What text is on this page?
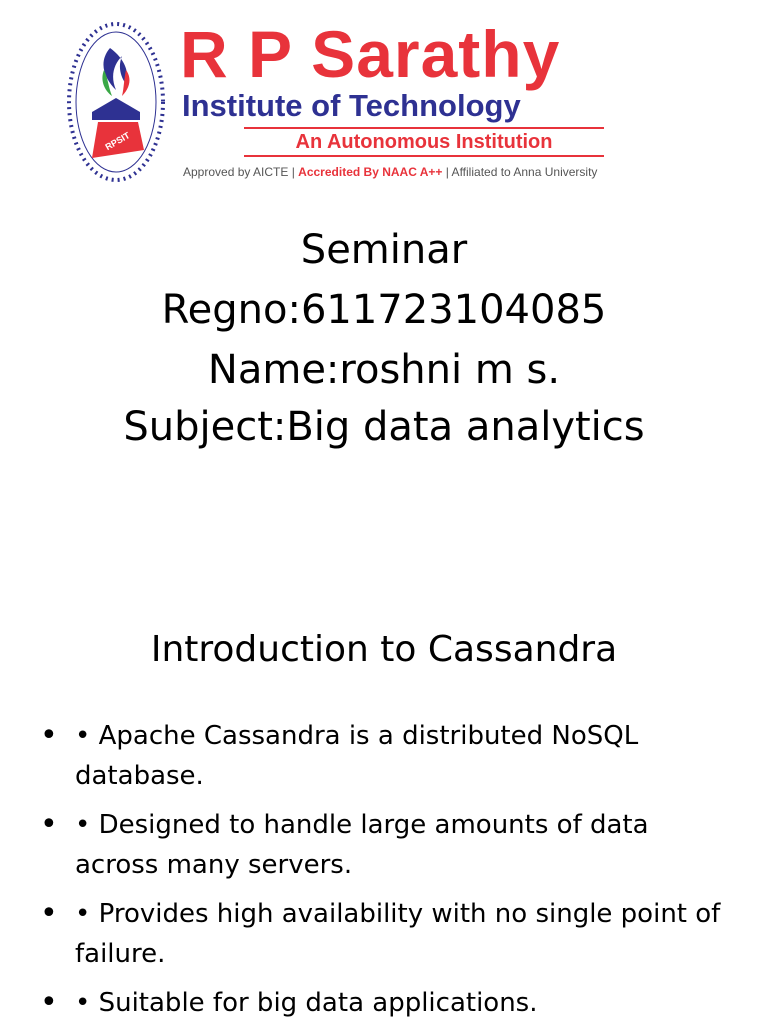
RPSIT
R P Sarathy
Institute of Technology
An Autonomous Institution
Approved by AICTE | Accredited By NAAC A++ | Affiliated to Anna University
Seminar
Regno:611723104085
Name:roshni m s.
Subject:Big data analytics
Introduction to Cassandra
• • Apache Cassandra is a distributed NoSQL database.
• • Designed to handle large amounts of data across many servers.
• • Provides high availability with no single point of failure.
• • Suitable for big data applications.
